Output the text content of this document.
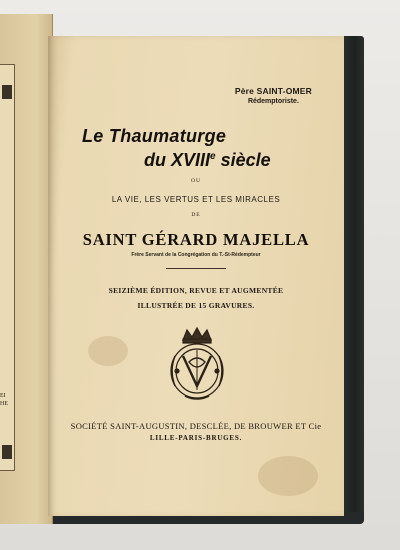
EI
HE
Père SAINT-OMER
Rédemptoriste.
Le Thaumaturge
du XVIIIe siècle
OU
LA VIE, LES VERTUS ET LES MIRACLES
DE
SAINT GÉRARD MAJELLA
Frère Servant de la Congrégation du T.-St-Rédempteur
SEIZIÈME ÉDITION, REVUE ET AUGMENTÉE
ILLUSTRÉE DE 15 GRAVURES.
SOCIÉTÉ SAINT-AUGUSTIN, DESCLÉE, DE BROUWER ET Cie
LILLE-PARIS-BRUGES.
